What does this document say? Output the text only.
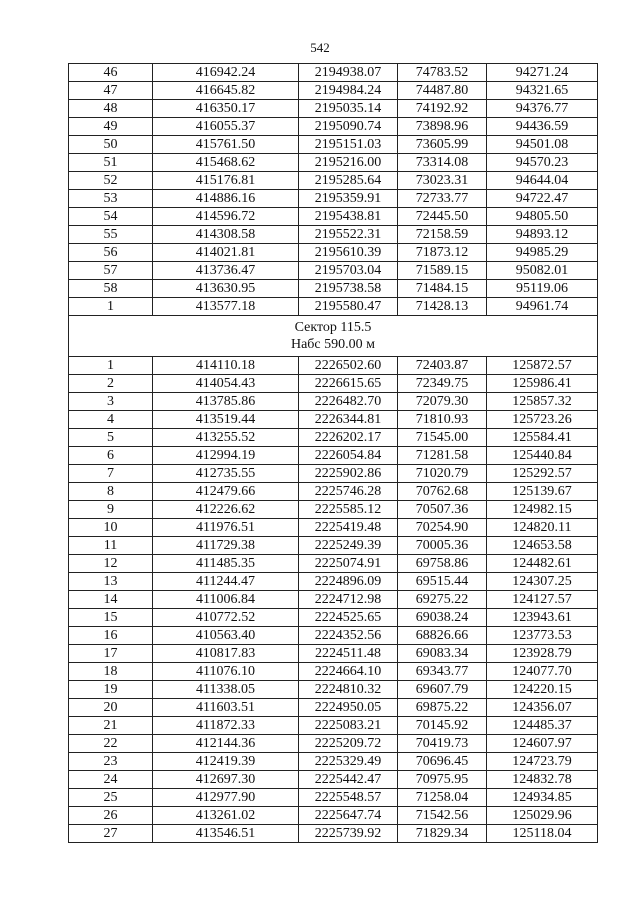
542
46	416942.24	2194938.07	74783.52	94271.24
47	416645.82	2194984.24	74487.80	94321.65
48	416350.17	2195035.14	74192.92	94376.77
49	416055.37	2195090.74	73898.96	94436.59
50	415761.50	2195151.03	73605.99	94501.08
51	415468.62	2195216.00	73314.08	94570.23
52	415176.81	2195285.64	73023.31	94644.04
53	414886.16	2195359.91	72733.77	94722.47
54	414596.72	2195438.81	72445.50	94805.50
55	414308.58	2195522.31	72158.59	94893.12
56	414021.81	2195610.39	71873.12	94985.29
57	413736.47	2195703.04	71589.15	95082.01
58	413630.95	2195738.58	71484.15	95119.06
1	413577.18	2195580.47	71428.13	94961.74

Сектор 115.5
Набс 590.00 м				

1	414110.18	2226502.60	72403.87	125872.57
2	414054.43	2226615.65	72349.75	125986.41
3	413785.86	2226482.70	72079.30	125857.32
4	413519.44	2226344.81	71810.93	125723.26
5	413255.52	2226202.17	71545.00	125584.41
6	412994.19	2226054.84	71281.58	125440.84
7	412735.55	2225902.86	71020.79	125292.57
8	412479.66	2225746.28	70762.68	125139.67
9	412226.62	2225585.12	70507.36	124982.15
10	411976.51	2225419.48	70254.90	124820.11
11	411729.38	2225249.39	70005.36	124653.58
12	411485.35	2225074.91	69758.86	124482.61
13	411244.47	2224896.09	69515.44	124307.25
14	411006.84	2224712.98	69275.22	124127.57
15	410772.52	2224525.65	69038.24	123943.61
16	410563.40	2224352.56	68826.66	123773.53
17	410817.83	2224511.48	69083.34	123928.79
18	411076.10	2224664.10	69343.77	124077.70
19	411338.05	2224810.32	69607.79	124220.15
20	411603.51	2224950.05	69875.22	124356.07
21	411872.33	2225083.21	70145.92	124485.37
22	412144.36	2225209.72	70419.73	124607.97
23	412419.39	2225329.49	70696.45	124723.79
24	412697.30	2225442.47	70975.95	124832.78
25	412977.90	2225548.57	71258.04	124934.85
26	413261.02	2225647.74	71542.56	125029.96
27	413546.51	2225739.92	71829.34	125118.04
